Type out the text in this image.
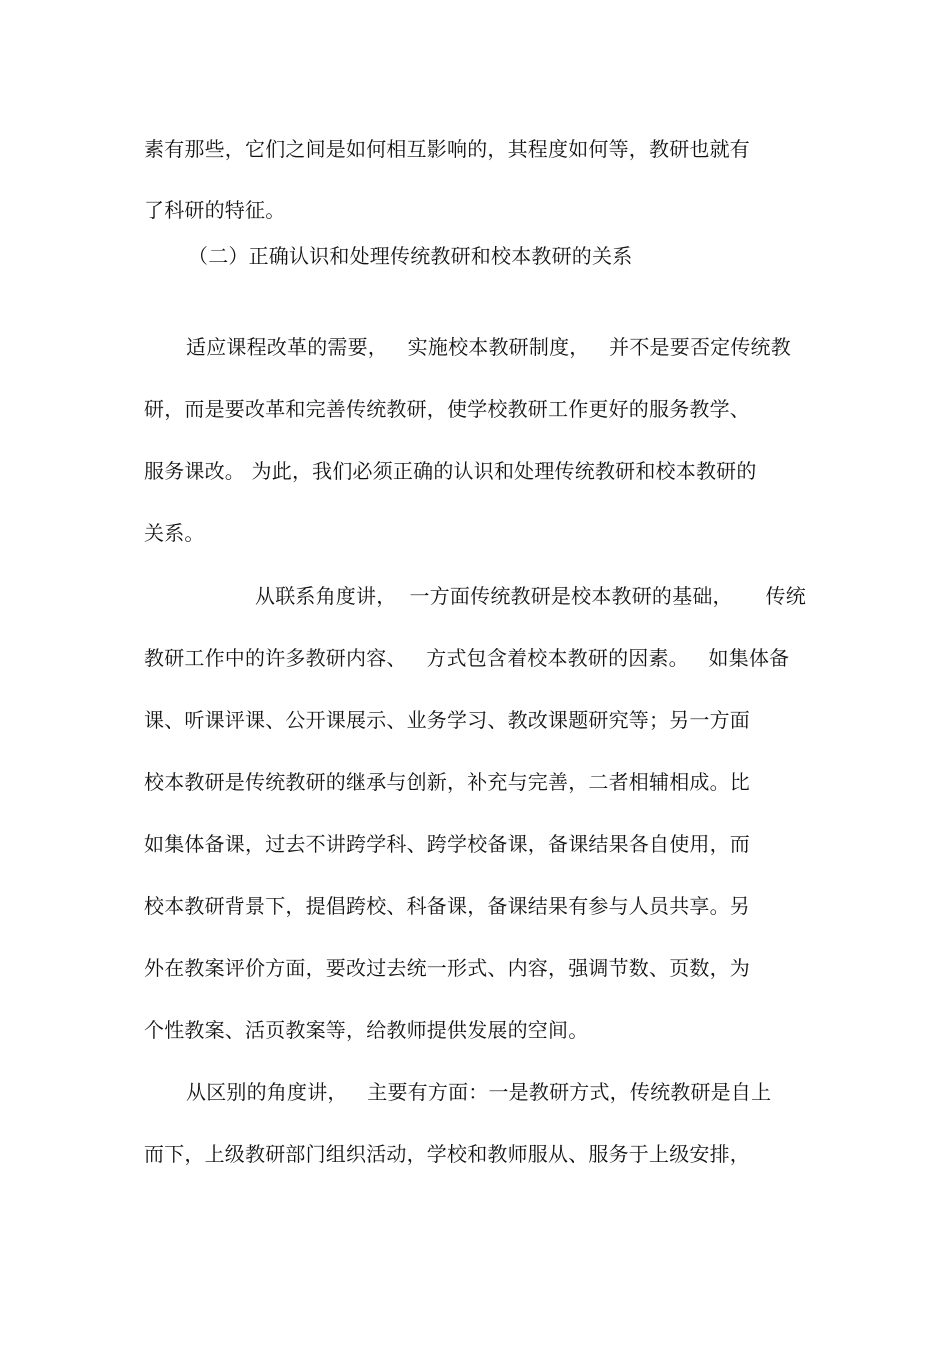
素有那些，它们之间是如何相互影响的，其程度如何等，教研也就有
了科研的特征。
（二）正确认识和处理传统教研和校本教研的关系
适应课程改革的需要，   实施校本教研制度，   并不是要否定传统教
研，而是要改革和完善传统教研，使学校教研工作更好的服务教学、
服务课改。 为此，我们必须正确的认识和处理传统教研和校本教研的
关系。
从联系角度讲，  一方面传统教研是校本教研的基础，     传统
教研工作中的许多教研内容、   方式包含着校本教研的因素。   如集体备
课、听课评课、公开课展示、业务学习、教改课题研究等；另一方面
校本教研是传统教研的继承与创新，补充与完善，二者相辅相成。比
如集体备课，过去不讲跨学科、跨学校备课，备课结果各自使用，而
校本教研背景下，提倡跨校、科备课，备课结果有参与人员共享。另
外在教案评价方面，要改过去统一形式、内容，强调节数、页数，为
个性教案、活页教案等，给教师提供发展的空间。
从区别的角度讲，   主要有方面：一是教研方式，传统教研是自上
而下，上级教研部门组织活动，学校和教师服从、服务于上级安排，
